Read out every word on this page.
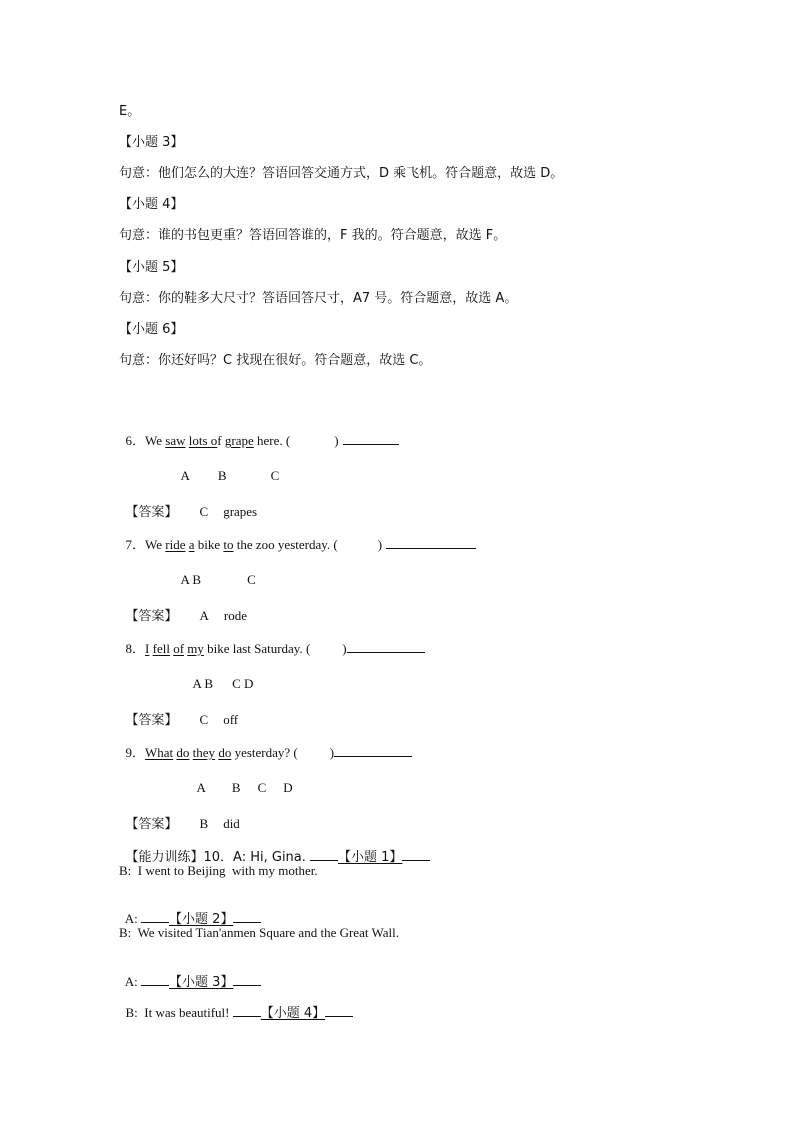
E。
【小题 3】
句意：他们怎么的大连？答语回答交通方式，D 乘飞机。符合题意，故选 D。
【小题 4】
句意：谁的书包更重？答语回答谁的，F 我的。符合题意，故选 F。
【小题 5】
句意：你的鞋多大尺寸？答语回答尺寸，A7 号。符合题意，故选 A。
【小题 6】
句意：你还好吗？C 找现在很好。符合题意，故选 C。

6．We saw lots of grape here. (	)

A B	C

【答案】 C grapes

7．We ride a bike to the zoo yesterday. (	)

A B	C

【答案】 A rode

8．I fell of my bike last Saturday. ( )

A B C D

【答案】 C off

9．What do they do yesterday? ( )

A B C D

【答案】 B did

【能力训练】10．A: Hi, Gina. 【小题 1】

B:  I went to Beijing  with my mother.

A: 【小题 2】

B:  We visited Tian'anmen Square and the Great Wall.

A: 【小题 3】

B:  It was beautiful! 【小题 4】
